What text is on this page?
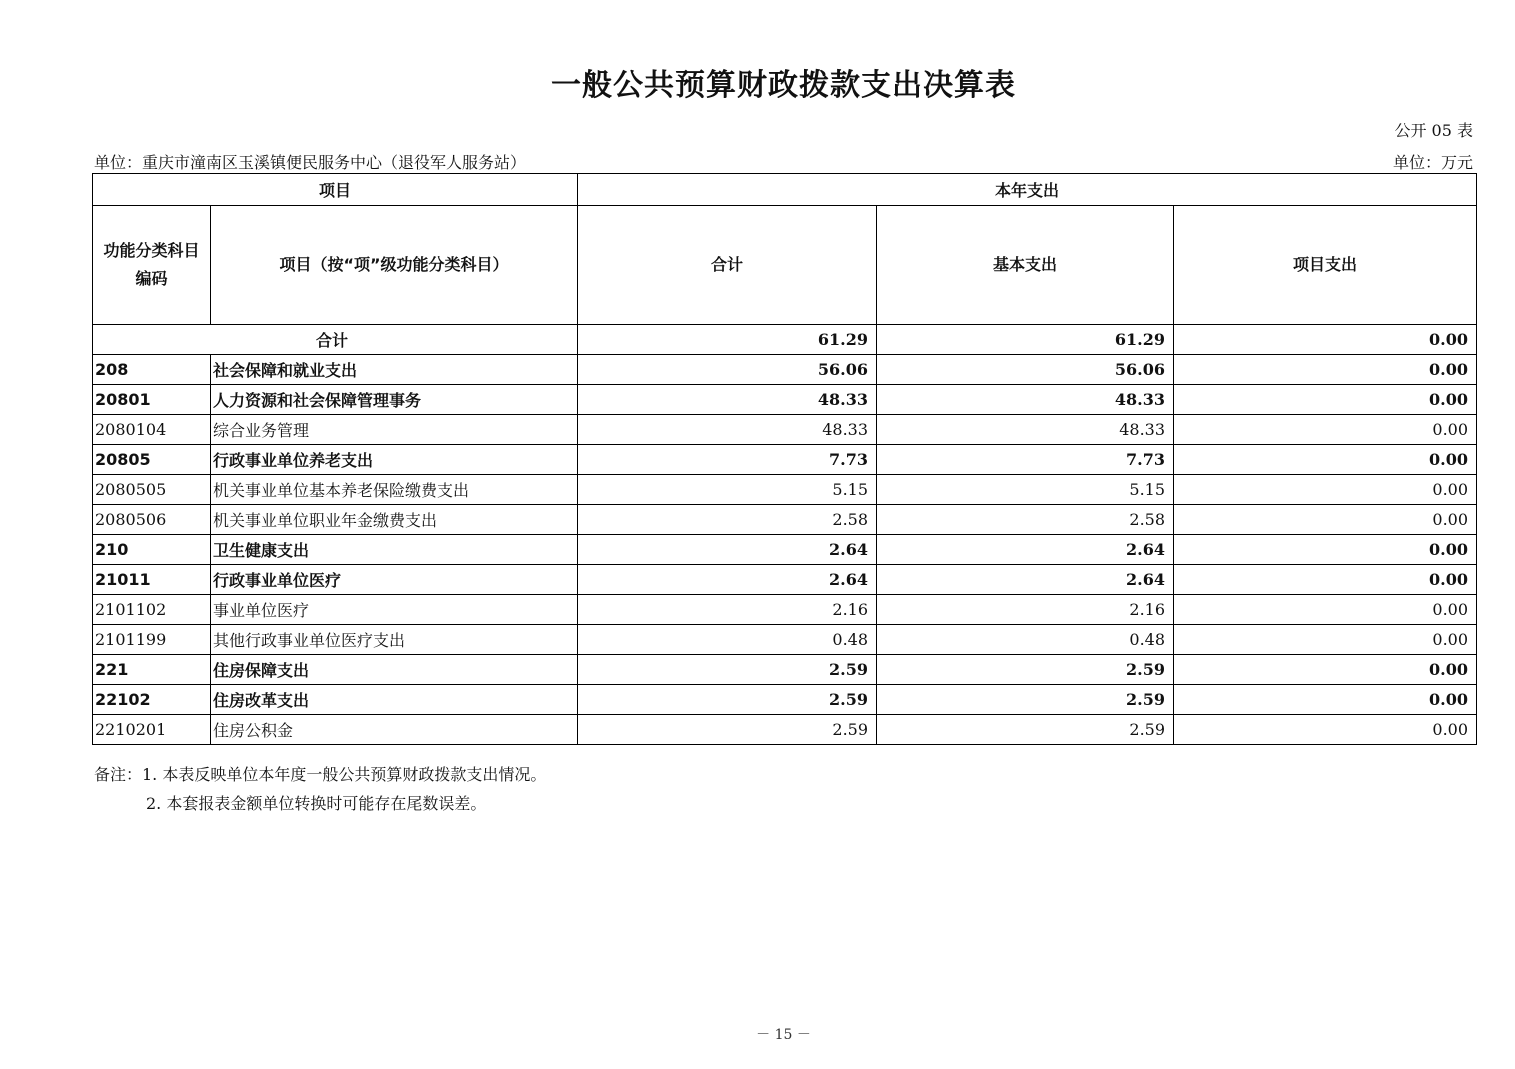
一般公共预算财政拨款支出决算表
公开 05 表
单位：重庆市潼南区玉溪镇便民服务中心（退役军人服务站）	单位：万元
项目		本年支出		
功能分类科目编码	项目（按“项”级功能分类科目）	合计	基本支出	项目支出
合计		61.29	61.29	0.00
208	社会保障和就业支出	56.06	56.06	0.00
20801	人力资源和社会保障管理事务	48.33	48.33	0.00
2080104	综合业务管理	48.33	48.33	0.00
20805	行政事业单位养老支出	7.73	7.73	0.00
2080505	机关事业单位基本养老保险缴费支出	5.15	5.15	0.00
2080506	机关事业单位职业年金缴费支出	2.58	2.58	0.00
210	卫生健康支出	2.64	2.64	0.00
21011	行政事业单位医疗	2.64	2.64	0.00
2101102	事业单位医疗	2.16	2.16	0.00
2101199	其他行政事业单位医疗支出	0.48	0.48	0.00
221	住房保障支出	2.59	2.59	0.00
22102	住房改革支出	2.59	2.59	0.00
2210201	住房公积金	2.59	2.59	0.00
备注：1. 本表反映单位本年度一般公共预算财政拨款支出情况。
2. 本套报表金额单位转换时可能存在尾数误差。
－ 15 －
